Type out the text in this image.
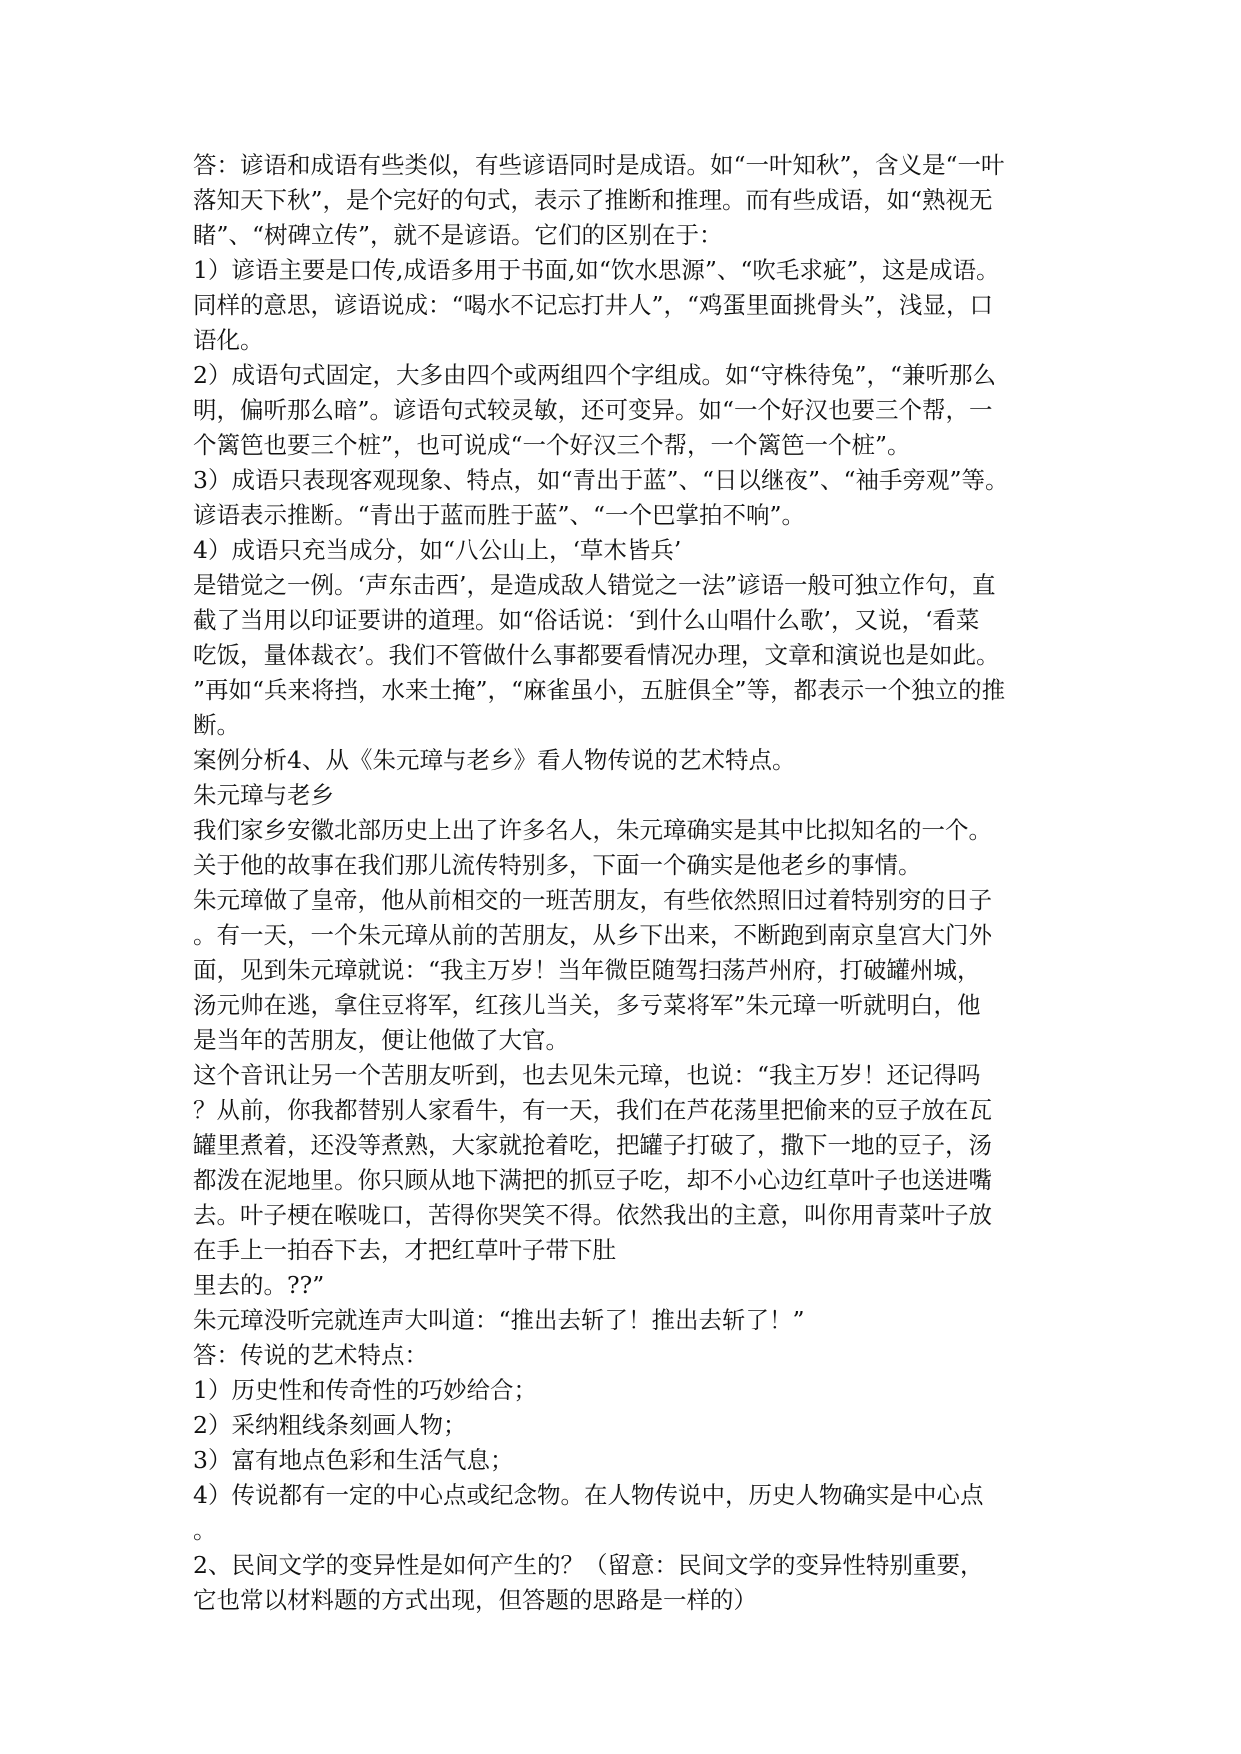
答：谚语和成语有些类似，有些谚语同时是成语。如“一叶知秋”，含义是“一叶
落知天下秋”，是个完好的句式，表示了推断和推理。而有些成语，如“熟视无
睹”、“树碑立传”，就不是谚语。它们的区别在于：
1）谚语主要是口传,成语多用于书面,如“饮水思源”、“吹毛求疵”，这是成语。
同样的意思，谚语说成：“喝水不记忘打井人”，“鸡蛋里面挑骨头”，浅显，口
语化。
2）成语句式固定，大多由四个或两组四个字组成。如“守株待兔”，“兼听那么
明，偏听那么暗”。谚语句式较灵敏，还可变异。如“一个好汉也要三个帮，一
个篱笆也要三个桩”，也可说成“一个好汉三个帮，一个篱笆一个桩”。
3）成语只表现客观现象、特点，如“青出于蓝”、“日以继夜”、“袖手旁观”等。
谚语表示推断。“青出于蓝而胜于蓝”、“一个巴掌拍不响”。
4）成语只充当成分，如“八公山上，‘草木皆兵’
是错觉之一例。‘声东击西’，是造成敌人错觉之一法”谚语一般可独立作句，直
截了当用以印证要讲的道理。如“俗话说：‘到什么山唱什么歌’，又说，‘看菜
吃饭，量体裁衣’。我们不管做什么事都要看情况办理，文章和演说也是如此。
”再如“兵来将挡，水来土掩”，“麻雀虽小，五脏俱全”等，都表示一个独立的推
断。
案例分析4、从《朱元璋与老乡》看人物传说的艺术特点。
朱元璋与老乡
我们家乡安徽北部历史上出了许多名人，朱元璋确实是其中比拟知名的一个。
关于他的故事在我们那儿流传特别多，下面一个确实是他老乡的事情。
朱元璋做了皇帝，他从前相交的一班苦朋友，有些依然照旧过着特别穷的日子
。有一天，一个朱元璋从前的苦朋友，从乡下出来，不断跑到南京皇宫大门外
面，见到朱元璋就说：“我主万岁！当年微臣随驾扫荡芦州府，打破罐州城，
汤元帅在逃，拿住豆将军，红孩儿当关，多亏菜将军”朱元璋一听就明白，他
是当年的苦朋友，便让他做了大官。
这个音讯让另一个苦朋友听到，也去见朱元璋，也说：“我主万岁！还记得吗
？从前，你我都替别人家看牛，有一天，我们在芦花荡里把偷来的豆子放在瓦
罐里煮着，还没等煮熟，大家就抢着吃，把罐子打破了，撒下一地的豆子，汤
都泼在泥地里。你只顾从地下满把的抓豆子吃，却不小心边红草叶子也送进嘴
去。叶子梗在喉咙口，苦得你哭笑不得。依然我出的主意，叫你用青菜叶子放
在手上一拍吞下去，才把红草叶子带下肚
里去的。??”
朱元璋没听完就连声大叫道：“推出去斩了！推出去斩了！”
答：传说的艺术特点：
1）历史性和传奇性的巧妙给合；
2）采纳粗线条刻画人物；
3）富有地点色彩和生活气息；
4）传说都有一定的中心点或纪念物。在人物传说中，历史人物确实是中心点
。
2、民间文学的变异性是如何产生的？（留意：民间文学的变异性特别重要，
它也常以材料题的方式出现，但答题的思路是一样的）
